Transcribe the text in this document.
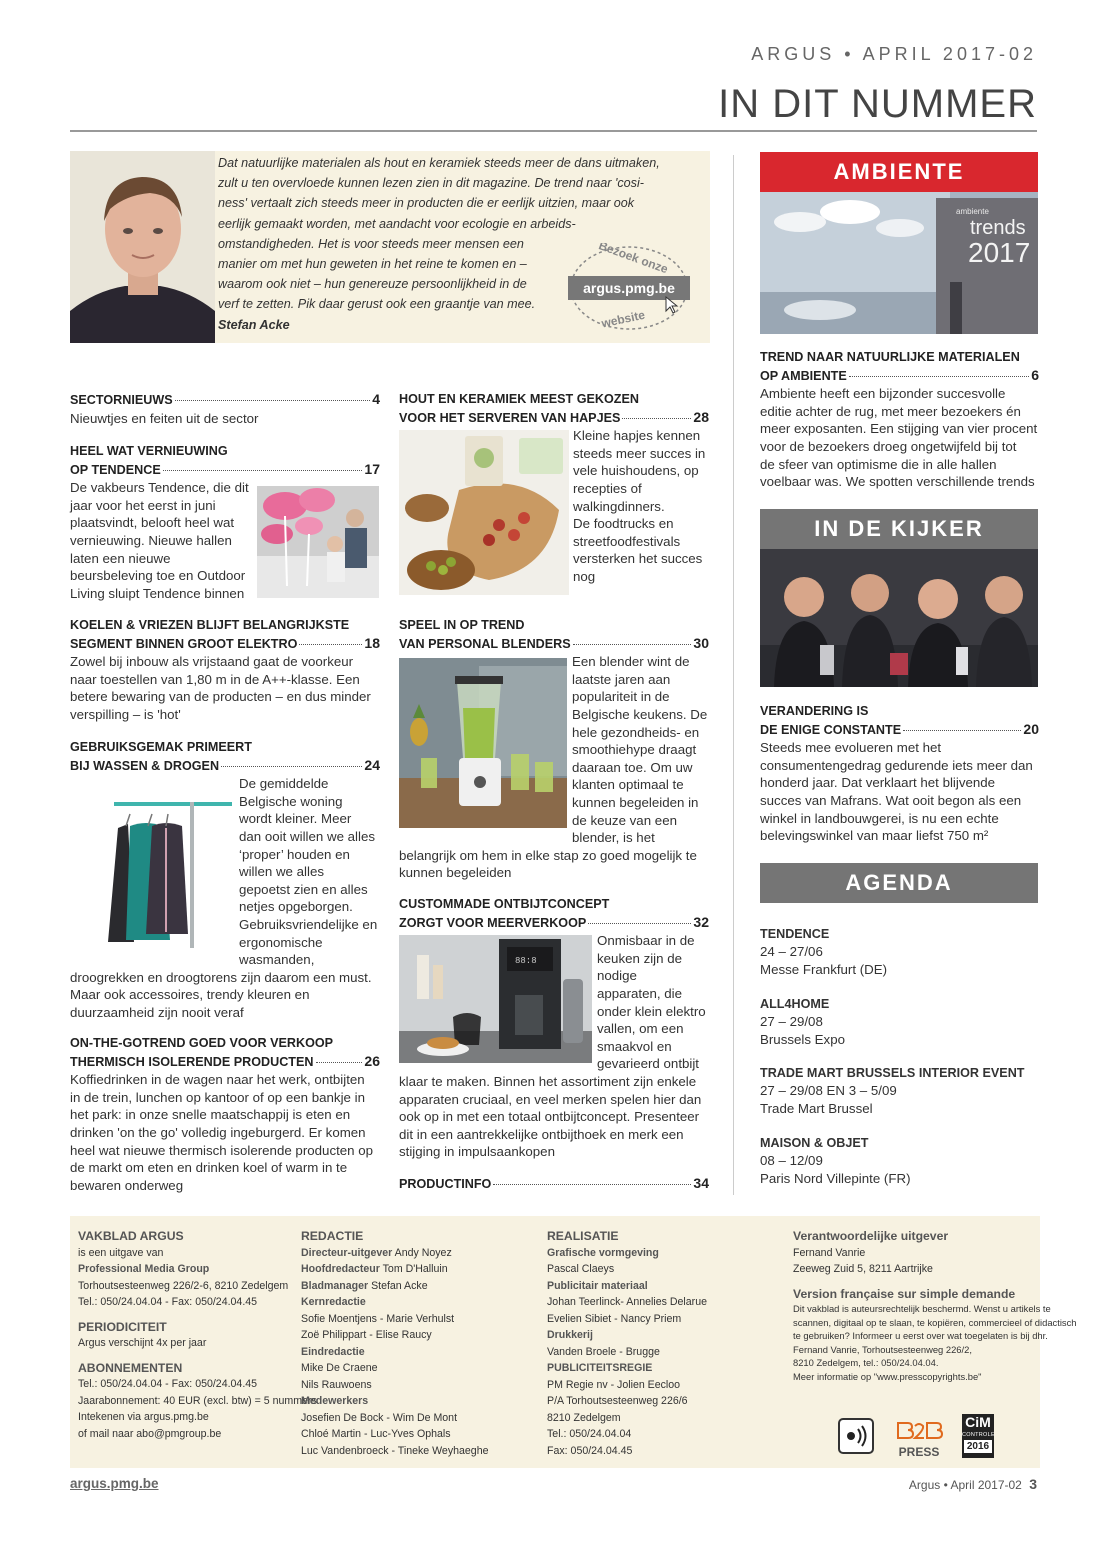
ARGUS • APRIL 2017-02
IN DIT NUMMER
Dat natuurlijke materialen als hout en keramiek steeds meer de dans uitmaken,
zult u ten overvloede kunnen lezen zien in dit magazine. De trend naar 'cosi-
ness' vertaalt zich steeds meer in producten die er eerlijk uitzien, maar ook
eerlijk gemaakt worden, met aandacht voor ecologie en arbeids-
omstandigheden. Het is voor steeds meer mensen een
manier om met hun geweten in het reine te komen en –
waarom ook niet – hun genereuze persoonlijkheid in de
verf te zetten. Pik daar gerust ook een graantje van mee.
Stefan Acke
Bezoek onze
argus.pmg.be
website
SECTORNIEUWS	4
Nieuwtjes en feiten uit de sector
HEEL WAT VERNIEUWING
OP TENDENCE	17
De vakbeurs Tendence, die dit
jaar voor het eerst in juni
plaatsvindt, belooft heel wat
vernieuwing. Nieuwe hallen
laten een nieuwe
beursbeleving toe en Outdoor
Living sluipt Tendence binnen
KOELEN & VRIEZEN BLIJFT BELANGRIJKSTE
SEGMENT BINNEN GROOT ELEKTRO	18
Zowel bij inbouw als vrijstaand gaat de voorkeur
naar toestellen van 1,80 m in de A++-klasse. Een
betere bewaring van de producten – en dus minder
verspilling – is 'hot'
GEBRUIKSGEMAK PRIMEERT
BIJ WASSEN & DROGEN	24
De gemiddelde
Belgische woning
wordt kleiner. Meer
dan ooit willen we alles
‘proper’ houden en
willen we alles
gepoetst zien en alles
netjes opgeborgen.
Gebruiksvriendelijke en
ergonomische
wasmanden,
droogrekken en droogtorens zijn daarom een must.
Maar ook accessoires, trendy kleuren en
duurzaamheid zijn nooit veraf
ON-THE-GOTREND GOED VOOR VERKOOP
THERMISCH ISOLERENDE PRODUCTEN	26
Koffiedrinken in de wagen naar het werk, ontbijten
in de trein, lunchen op kantoor of op een bankje in
het park: in onze snelle maatschappij is eten en
drinken 'on the go' volledig ingeburgerd. Er komen
heel wat nieuwe thermisch isolerende producten op
de markt om eten en drinken koel of warm in te
bewaren onderweg
HOUT EN KERAMIEK MEEST GEKOZEN
VOOR HET SERVEREN VAN HAPJES	28
Kleine hapjes kennen
steeds meer succes in
vele huishoudens, op
recepties of
walkingdinners.
De foodtrucks en
streetfoodfestivals
versterken het succes
nog
SPEEL IN OP TREND
VAN PERSONAL BLENDERS	30
Een blender wint de
laatste jaren aan
populariteit in de
Belgische keukens. De
hele gezondheids- en
smoothiehype draagt
daaraan toe. Om uw
klanten optimaal te
kunnen begeleiden in
de keuze van een
blender, is het
belangrijk om hem in elke stap zo goed mogelijk te
kunnen begeleiden
CUSTOMMADE ONTBIJTCONCEPT
ZORGT VOOR MEERVERKOOP	32
Onmisbaar in de
keuken zijn de
nodige
apparaten, die
onder klein elektro
vallen, om een
smaakvol en
gevarieerd ontbijt
klaar te maken. Binnen het assortiment zijn enkele
apparaten cruciaal, en veel merken spelen hier dan
ook op in met een totaal ontbijtconcept. Presenteer
dit in een aantrekkelijke ontbijthoek en merk een
stijging in impulsaankopen
88:8
PRODUCTINFO	34
AMBIENTE
ambiente
trends
2017
TREND NAAR NATUURLIJKE MATERIALEN
OP AMBIENTE	6
Ambiente heeft een bijzonder succesvolle
editie achter de rug, met meer bezoekers én
meer exposanten. Een stijging van vier procent
voor de bezoekers droeg ongetwijfeld bij tot
de sfeer van optimisme die in alle hallen
voelbaar was. We spotten verschillende trends
IN DE KIJKER
VERANDERING IS
DE ENIGE CONSTANTE	20
Steeds mee evolueren met het
consumentengedrag gedurende iets meer dan
honderd jaar. Dat verklaart het blijvende
succes van Mafrans. Wat ooit begon als een
winkel in landbouwgerei, is nu een echte
belevingswinkel van maar liefst 750 m²
AGENDA
TENDENCE
24 – 27/06
Messe Frankfurt (DE)
ALL4HOME
27 – 29/08
Brussels Expo
TRADE MART BRUSSELS INTERIOR EVENT
27 – 29/08 EN 3 – 5/09
Trade Mart Brussel
MAISON & OBJET
08 – 12/09
Paris Nord Villepinte (FR)
VAKBLAD ARGUS
is een uitgave van
Professional Media Group
Torhoutsesteenweg 226/2-6, 8210 Zedelgem
Tel.: 050/24.04.04 - Fax: 050/24.04.45
PERIODICITEIT
Argus verschijnt 4x per jaar
ABONNEMENTEN
Tel.: 050/24.04.04 - Fax: 050/24.04.45
Jaarabonnement: 40 EUR (excl. btw) = 5 nummers
Intekenen via argus.pmg.be
of mail naar abo@pmgroup.be
REDACTIE
Directeur-uitgever Andy Noyez
Hoofdredacteur Tom D'Halluin
Bladmanager Stefan Acke
Kernredactie
Sofie Moentjens - Marie Verhulst
Zoë Philippart - Elise Raucy
Eindredactie
Mike De Craene
Nils Rauwoens
Medewerkers
Josefien De Bock - Wim De Mont
Chloé Martin - Luc-Yves Ophals
Luc Vandenbroeck - Tineke Weyhaeghe
REALISATIE
Grafische vormgeving
Pascal Claeys
Publicitair materiaal
Johan Teerlinck- Annelies Delarue
Evelien Sibiet - Nancy Priem
Drukkerij
Vanden Broele - Brugge
PUBLICITEITSREGIE
PM Regie nv - Jolien Eecloo
P/A Torhoutsesteenweg 226/6
8210 Zedelgem
Tel.: 050/24.04.04
Fax: 050/24.04.45
Verantwoordelijke uitgever
Fernand Vanrie
Zeeweg Zuid 5, 8211 Aartrijke
Version française sur simple demande
Dit vakblad is auteursrechtelijk beschermd. Wenst u artikels te
scannen, digitaal op te slaan, te kopiëren, commercieel of didactisch
te gebruiken? Informeer u eerst over wat toegelaten is bij dhr.
Fernand Vanrie, Torhoutsesteenweg 226/2,
8210 Zedelgem, tel.: 050/24.04.04.
Meer informatie op "www.presscopyrights.be"
PRESS
CiM
CONTROLE
2016
argus.pmg.be	Argus • April 2017-02 3
